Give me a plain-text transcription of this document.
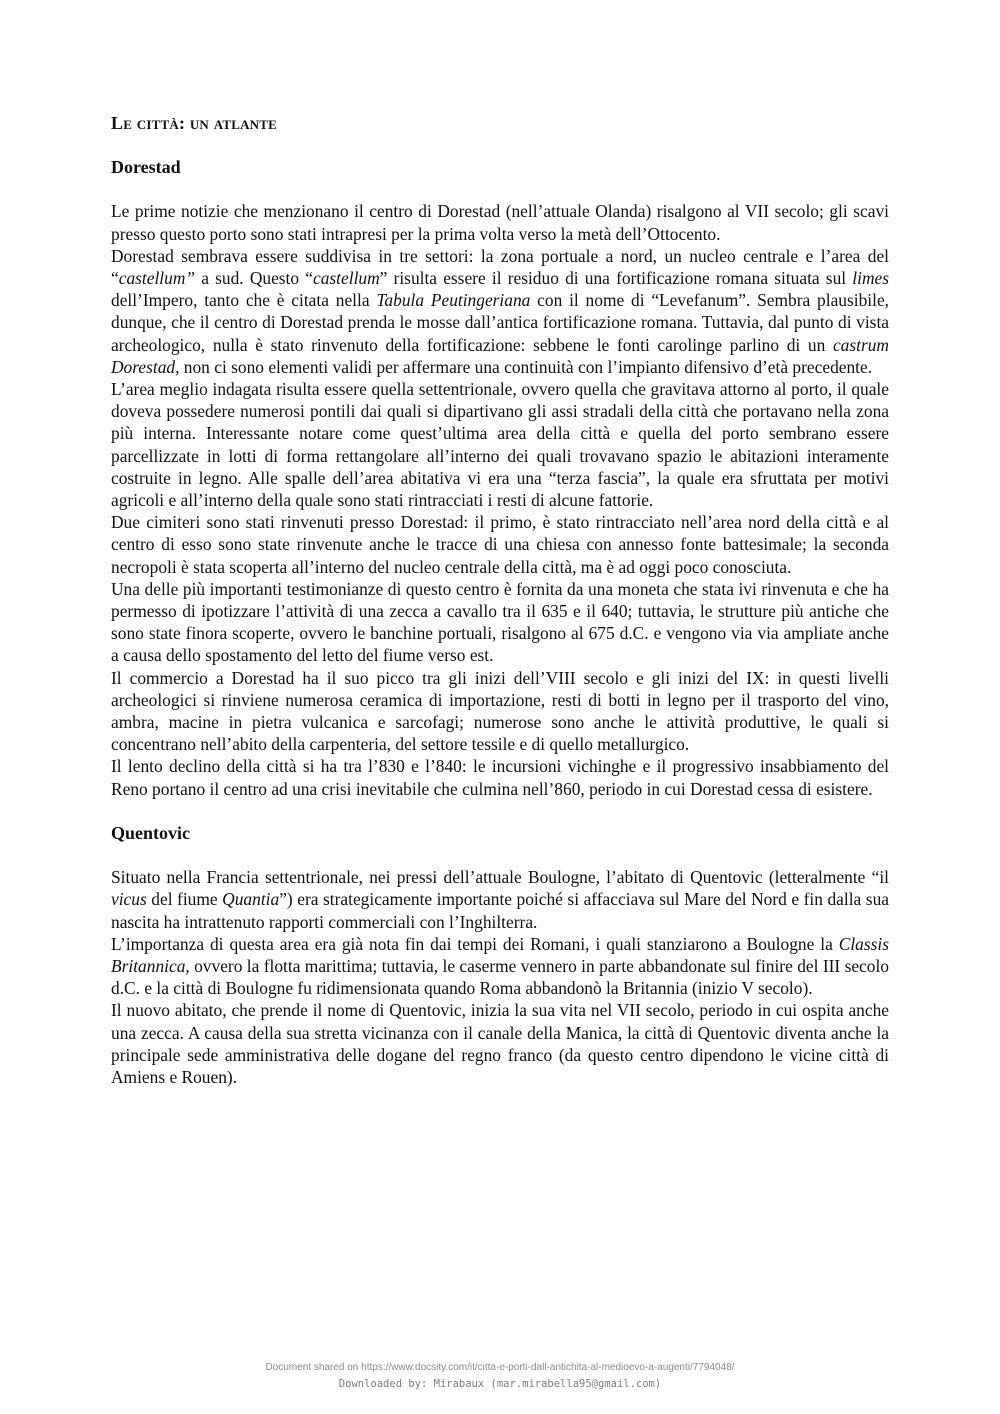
Le città: un atlante
Dorestad

Le prime notizie che menzionano il centro di Dorestad (nell’attuale Olanda) risalgono al VII secolo; gli scavi presso questo porto sono stati intrapresi per la prima volta verso la metà dell’Ottocento.

Dorestad sembrava essere suddivisa in tre settori: la zona portuale a nord, un nucleo centrale e l’area del “castellum” a sud. Questo “castellum” risulta essere il residuo di una fortificazione romana situata sul limes dell’Impero, tanto che è citata nella Tabula Peutingeriana con il nome di “Levefanum”. Sembra plausibile, dunque, che il centro di Dorestad prenda le mosse dall’antica fortificazione romana. Tuttavia, dal punto di vista archeologico, nulla è stato rinvenuto della fortificazione: sebbene le fonti carolinge parlino di un castrum Dorestad, non ci sono elementi validi per affermare una continuità con l’impianto difensivo d’età precedente.

L’area meglio indagata risulta essere quella settentrionale, ovvero quella che gravitava attorno al porto, il quale doveva possedere numerosi pontili dai quali si dipartivano gli assi stradali della città che portavano nella zona più interna. Interessante notare come quest’ultima area della città e quella del porto sembrano essere parcellizzate in lotti di forma rettangolare all’interno dei quali trovavano spazio le abitazioni interamente costruite in legno. Alle spalle dell’area abitativa vi era una “terza fascia”, la quale era sfruttata per motivi agricoli e all’interno della quale sono stati rintracciati i resti di alcune fattorie.

Due cimiteri sono stati rinvenuti presso Dorestad: il primo, è stato rintracciato nell’area nord della città e al centro di esso sono state rinvenute anche le tracce di una chiesa con annesso fonte battesimale; la seconda necropoli è stata scoperta all’interno del nucleo centrale della città, ma è ad oggi poco conosciuta.

Una delle più importanti testimonianze di questo centro è fornita da una moneta che stata ivi rinvenuta e che ha permesso di ipotizzare l’attività di una zecca a cavallo tra il 635 e il 640; tuttavia, le strutture più antiche che sono state finora scoperte, ovvero le banchine portuali, risalgono al 675 d.C. e vengono via via ampliate anche a causa dello spostamento del letto del fiume verso est.

Il commercio a Dorestad ha il suo picco tra gli inizi dell’VIII secolo e gli inizi del IX: in questi livelli archeologici si rinviene numerosa ceramica di importazione, resti di botti in legno per il trasporto del vino, ambra, macine in pietra vulcanica e sarcofagi; numerose sono anche le attività produttive, le quali si concentrano nell’abito della carpenteria, del settore tessile e di quello metallurgico.

Il lento declino della città si ha tra l’830 e l’840: le incursioni vichinghe e il progressivo insabbiamento del Reno portano il centro ad una crisi inevitabile che culmina nell’860, periodo in cui Dorestad cessa di esistere.

Quentovic

Situato nella Francia settentrionale, nei pressi dell’attuale Boulogne, l’abitato di Quentovic (letteralmente “il vicus del fiume Quantia”) era strategicamente importante poiché si affacciava sul Mare del Nord e fin dalla sua nascita ha intrattenuto rapporti commerciali con l’Inghilterra.

L’importanza di questa area era già nota fin dai tempi dei Romani, i quali stanziarono a Boulogne la Classis Britannica, ovvero la flotta marittima; tuttavia, le caserme vennero in parte abbandonate sul finire del III secolo d.C. e la città di Boulogne fu ridimensionata quando Roma abbandonò la Britannia (inizio V secolo).

Il nuovo abitato, che prende il nome di Quentovic, inizia la sua vita nel VII secolo, periodo in cui ospita anche una zecca. A causa della sua stretta vicinanza con il canale della Manica, la città di Quentovic diventa anche la principale sede amministrativa delle dogane del regno franco (da questo centro dipendono le vicine città di Amiens e Rouen).

Document shared on https://www.docsity.com/it/citta-e-porti-dall-antichita-al-medioevo-a-augenti/7794048/
Downloaded by: Mirabaux (mar.mirabella95@gmail.com)
